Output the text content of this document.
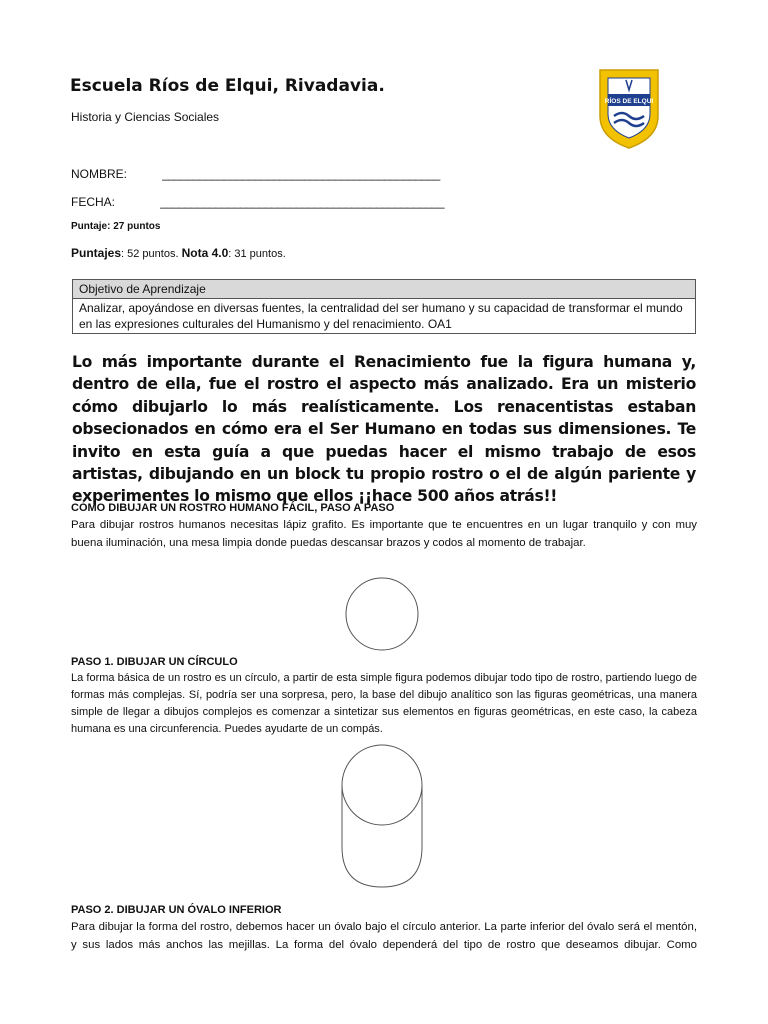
Escuela Ríos de Elqui, Rivadavia.
Historia y Ciencias Sociales
RÍOS DE ELQUI
NOMBRE:	_____________________________________________
FECHA:	______________________________________________
Puntaje: 27 puntos
Puntajes: 52 puntos. Nota 4.0: 31 puntos.
Objetivo de Aprendizaje
Analizar, apoyándose en diversas fuentes, la centralidad del ser humano y su capacidad de transformar el mundo en las expresiones culturales del Humanismo y del renacimiento. OA1
Lo más importante durante el Renacimiento fue la figura humana y, dentro de ella, fue el rostro el aspecto más analizado. Era un misterio cómo dibujarlo lo más realísticamente. Los renacentistas estaban obsecionados en cómo era el Ser Humano en todas sus dimensiones. Te invito en esta guía a que puedas hacer el mismo trabajo de esos artistas, dibujando en un block tu propio rostro o el de algún pariente y experimentes lo mismo que ellos ¡¡hace 500 años atrás!!
CÓMO DIBUJAR UN ROSTRO HUMANO FÁCIL, PASO A PASO
Para dibujar rostros humanos necesitas lápiz grafito. Es importante que te encuentres en un lugar tranquilo y con muy buena iluminación, una mesa limpia donde puedas descansar brazos y codos al momento de trabajar.
PASO 1. DIBUJAR UN CÍRCULO
La forma básica de un rostro es un círculo, a partir de esta simple figura podemos dibujar todo tipo de rostro, partiendo luego de formas más complejas. Sí, podría ser una sorpresa, pero, la base del dibujo analítico son las figuras geométricas, una manera simple de llegar a dibujos complejos es comenzar a sintetizar sus elementos en figuras geométricas, en este caso, la cabeza humana es una circunferencia. Puedes ayudarte de un compás.
PASO 2. DIBUJAR UN ÓVALO INFERIOR
Para dibujar la forma del rostro, debemos hacer un óvalo bajo el círculo anterior. La parte inferior del óvalo será el mentón, y sus lados más anchos las mejillas. La forma del óvalo dependerá del tipo de rostro que deseamos dibujar. Como
